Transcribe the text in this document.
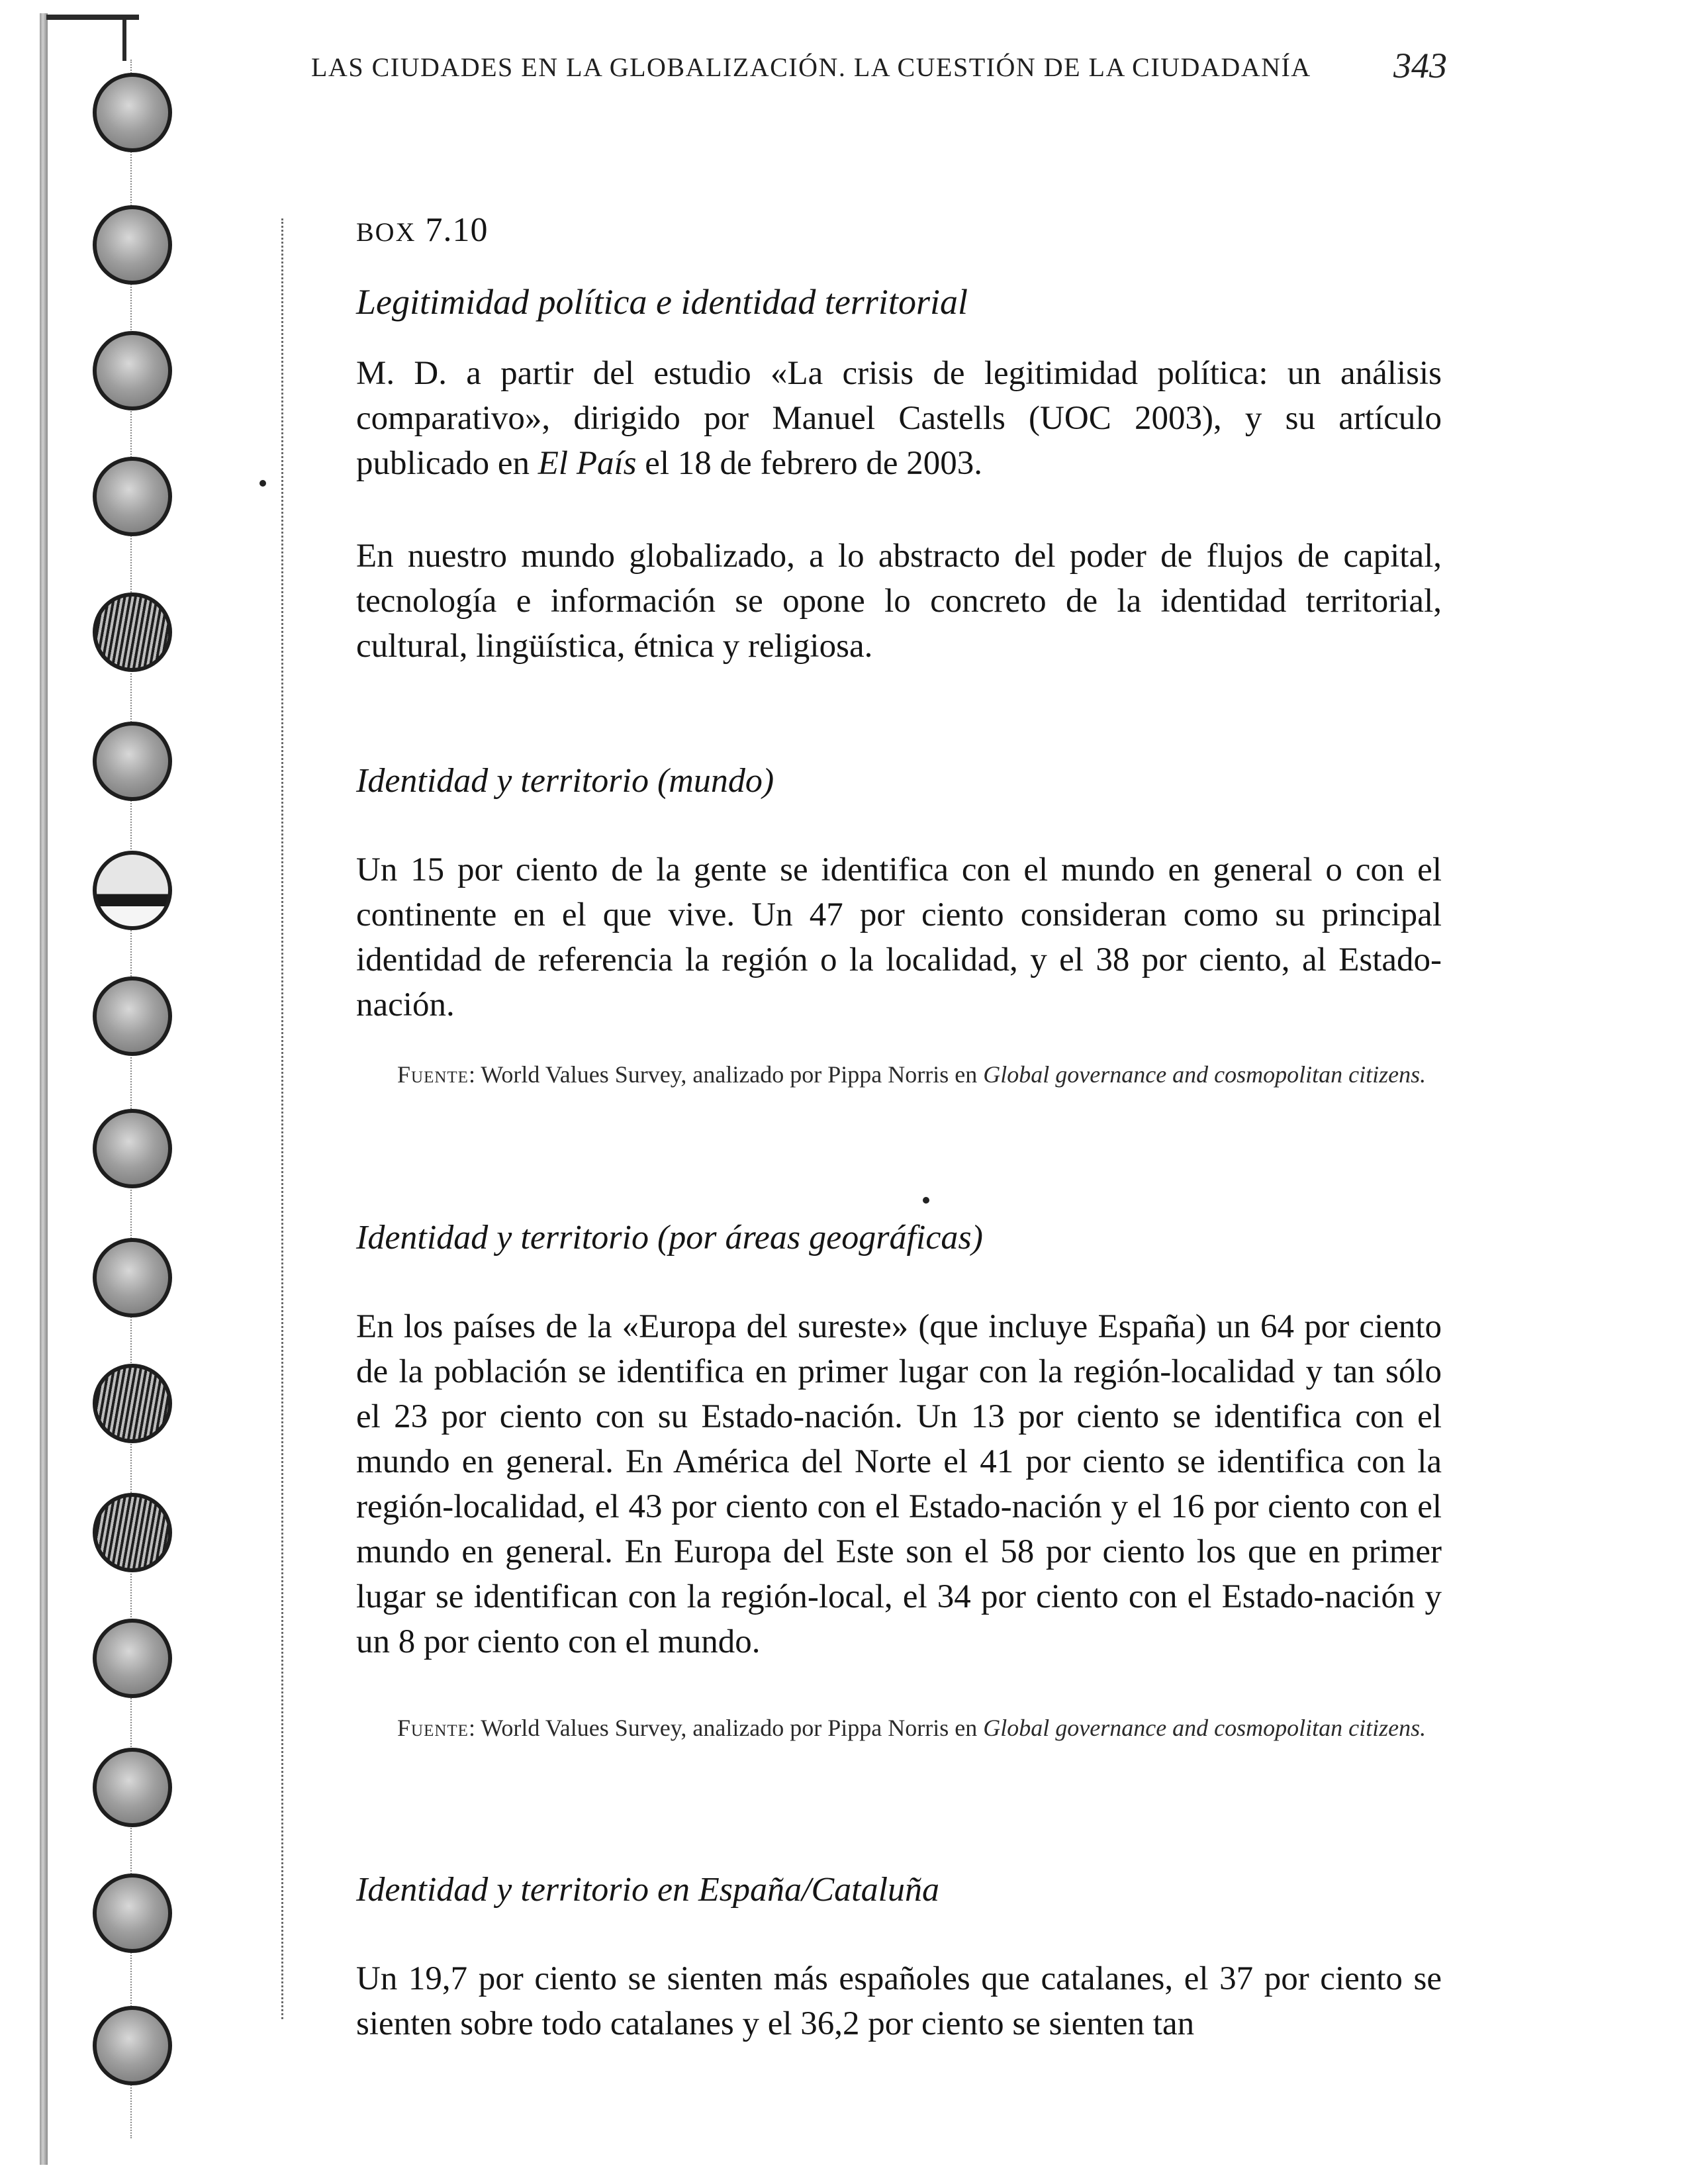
LAS CIUDADES EN LA GLOBALIZACIÓN. LA CUESTIÓN DE LA CIUDADANÍA	343
BOX 7.10
Legitimidad política e identidad territorial

M. D. a partir del estudio «La crisis de legitimidad política: un análisis comparativo», dirigido por Manuel Castells (UOC 2003), y su artículo publicado en El País el 18 de febrero de 2003.

En nuestro mundo globalizado, a lo abstracto del poder de flujos de capital, tecnología e información se opone lo concreto de la identidad territorial, cultural, lingüística, étnica y religiosa.

Identidad y territorio (mundo)

Un 15 por ciento de la gente se identifica con el mundo en general o con el continente en el que vive. Un 47 por ciento consideran como su principal identidad de referencia la región o la localidad, y el 38 por ciento, al Estado-nación.

Fuente: World Values Survey, analizado por Pippa Norris en Global governance and cosmopolitan citizens.

Identidad y territorio (por áreas geográficas)

En los países de la «Europa del sureste» (que incluye España) un 64 por ciento de la población se identifica en primer lugar con la región-localidad y tan sólo el 23 por ciento con su Estado-nación. Un 13 por ciento se identifica con el mundo en general. En América del Norte el 41 por ciento se identifica con la región-localidad, el 43 por ciento con el Estado-nación y el 16 por ciento con el mundo en general. En Europa del Este son el 58 por ciento los que en primer lugar se identifican con la región-local, el 34 por ciento con el Estado-nación y un 8 por ciento con el mundo.

Fuente: World Values Survey, analizado por Pippa Norris en Global governance and cosmopolitan citizens.

Identidad y territorio en España/Cataluña

Un 19,7 por ciento se sienten más españoles que catalanes, el 37 por ciento se sienten sobre todo catalanes y el 36,2 por ciento se sienten tan
